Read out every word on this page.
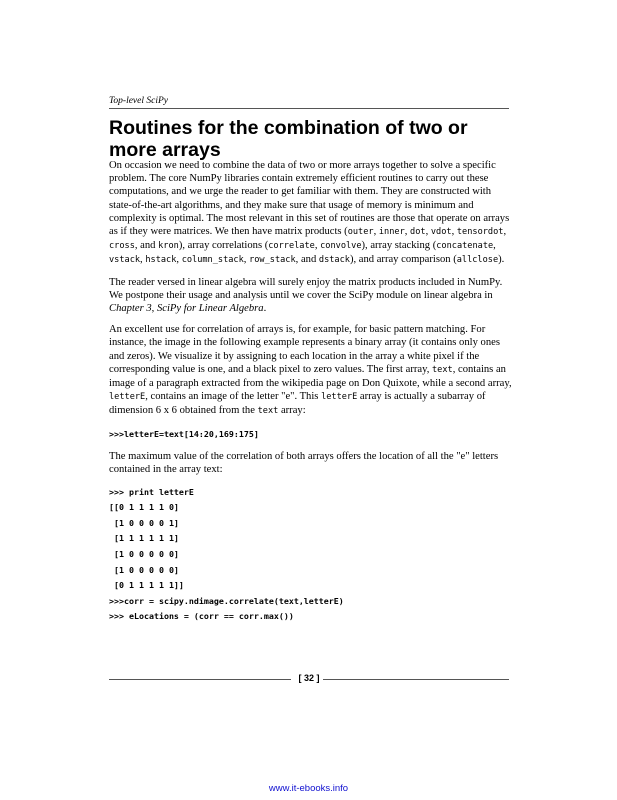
Top-level SciPy
Routines for the combination of two or more arrays

On occasion we need to combine the data of two or more arrays together to solve a specific problem. The core NumPy libraries contain extremely efficient routines to carry out these computations, and we urge the reader to get familiar with them. They are constructed with state-of-the-art algorithms, and they make sure that usage of memory is minimum and complexity is optimal. The most relevant in this set of routines are those that operate on arrays as if they were matrices. We then have matrix products (outer, inner, dot, vdot, tensordot, cross, and kron), array correlations (correlate, convolve), array stacking (concatenate, vstack, hstack, column_stack, row_stack, and dstack), and array comparison (allclose).

The reader versed in linear algebra will surely enjoy the matrix products included in NumPy. We postpone their usage and analysis until we cover the SciPy module on linear algebra in Chapter 3, SciPy for Linear Algebra.

An excellent use for correlation of arrays is, for example, for basic pattern matching. For instance, the image in the following example represents a binary array (it contains only ones and zeros). We visualize it by assigning to each location in the array a white pixel if the corresponding value is one, and a black pixel to zero values. The first array, text, contains an image of a paragraph extracted from the wikipedia page on Don Quixote, while a second array, letterE, contains an image of the letter "e". This letterE array is actually a subarray of dimension 6 x 6 obtained from the text array:

>>>letterE=text[14:20,169:175]

The maximum value of the correlation of both arrays offers the location of all the "e" letters contained in the array text:

>>> print letterE
[[0 1 1 1 1 0]
[1 0 0 0 0 1]
[1 1 1 1 1 1]
[1 0 0 0 0 0]
[1 0 0 0 0 0]
[0 1 1 1 1 1]]
>>>corr = scipy.ndimage.correlate(text,letterE)
>>> eLocations = (corr == corr.max())
[ 32 ]
www.it-ebooks.info
